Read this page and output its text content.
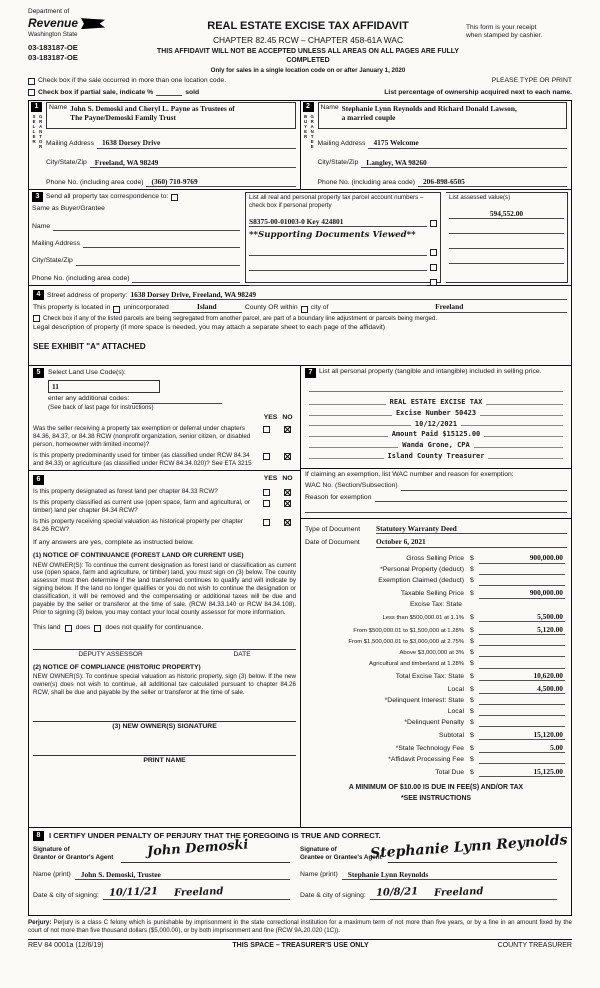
Department of
Revenue
Washington State
03-183187-OE
03-183187-OE
REAL ESTATE EXCISE TAX AFFIDAVIT
CHAPTER 82.45 RCW – CHAPTER 458-61A WAC
THIS AFFIDAVIT WILL NOT BE ACCEPTED UNLESS ALL AREAS ON ALL PAGES ARE FULLY COMPLETED
Only for sales in a single location code on or after January 1, 2020
This form is your receipt
when stamped by cashier.
Check box if the sale occurred in more than one location code.	PLEASE TYPE OR PRINT
Check box if partial sale, indicate %	sold	List percentage of ownership acquired next to each name.
1
SELLER GRANTOR
Name John S. Demoski and Cheryl L. Payne as Trustees of
The Payne/Demoski Family Trust
Mailing Address	1638 Dorsey Drive
City/State/Zip	Freeland, WA 98249
Phone No. (including area code)	(360) 710-9769
2
BUYER GRANTEE
Name Stephanie Lynn Reynolds and Richard Donald Lawson,
a married couple
Mailing Address	4175 Welcome
City/State/Zip	Langley, WA 98260
Phone No. (including area code)	206-898-6505
3 Send all property tax correspondence to:
Same as Buyer/Grantee
Name
Mailing Address
City/State/Zip
Phone No. (including area code)
List all real and personal property tax parcel account numbers – check box if personal property
S8375-00-01003-0 Key 424801
**Supporting Documents Viewed**
List assessed value(s)
594,552.00
4 Street address of property: 1638 Dorsey Drive, Freeland, WA 98249
This property is located in unincorporated	Island	County OR within city of	Freeland
Check box if any of the listed parcels are being segregated from another parcel, are part of a boundary line adjustment or parcels being merged.
Legal description of property (if more space is needed, you may attach a separate sheet to each page of the affidavit)
SEE EXHIBIT "A" ATTACHED
5	Select Land Use Code(s):
11
enter any additional codes:
(See back of last page for instructions)
YES NO
Was the seller receiving a property tax exemption or deferral under chapters 84.36, 84.37, or 84.38 RCW (nonprofit organization, senior citizen, or disabled person, homeowner with limited income)?
Is this property predominantly used for timber (as classified under RCW 84.34 and 84.33) or agriculture (as classified under RCW 84.34.020)? See ETA 3215
6	YES NO
Is this property designated as forest land per chapter 84.33 RCW?
Is this property classified as current use (open space, farm and agricultural, or timber) land per chapter 84.34 RCW?
Is this property receiving special valuation as historical property per chapter 84.26 RCW?
If any answers are yes, complete as instructed below.
(1) NOTICE OF CONTINUANCE (FOREST LAND OR CURRENT USE)
NEW OWNER(S): To continue the current designation as forest land or classification as current use (open space, farm and agriculture, or timber) land, you must sign on (3) below. The county assessor must then determine if the land transferred continues to qualify and will indicate by signing below. If the land no longer qualifies or you do not wish to continue the designation or classification, it will be removed and the compensating or additional taxes will be due and payable by the seller or transferor at the time of sale. (RCW 84.33.140 or RCW 84.34.108). Prior to signing (3) below, you may contact your local county assessor for more information.
This land does does not qualify for continuance.
DEPUTY ASSESSOR	DATE
(2) NOTICE OF COMPLIANCE (HISTORIC PROPERTY)
NEW OWNER(S): To continue special valuation as historic property, sign (3) below. If the new owner(s) does not wish to continue, all additional tax calculated pursuant to chapter 84.26 RCW, shall be due and payable by the seller or transferor at the time of sale.
(3) NEW OWNER(S) SIGNATURE
PRINT NAME
7 List all personal property (tangible and intangible) included in selling price.
REAL ESTATE EXCISE TAX
Excise Number 50423
10/12/2021
Amount Paid $15125.00
Wanda Grone, CPA
Island County Treasurer
If claiming an exemption, list WAC number and reason for exemption:
WAC No. (Section/Subsection)
Reason for exemption
Type of Document	Statutory Warranty Deed
Date of Document	October 6, 2021
Gross Selling Price $	900,000.00
*Personal Property (deduct) $
Exemption Claimed (deduct) $
Taxable Selling Price $	900,000.00
Excise Tax: State
Less than $500,000.01 at 1.1% $	5,500.00
From $500,000.01 to $1,500,000 at 1.28% $	5,120.00
From $1,500,000.01 to $3,000,000 at 2.75% $
Above $3,000,000 at 3% $
Agricultural and timberland at 1.28% $
Total Excise Tax: State $	10,620.00
Local $	4,500.00
*Delinquent Interest: State $
Local $
*Delinquent Penalty $
Subtotal $	15,120.00
*State Technology Fee $	5.00
*Affidavit Processing Fee $
Total Due $	15,125.00
A MINIMUM OF $10.00 IS DUE IN FEE(S) AND/OR TAX
*SEE INSTRUCTIONS
8	I CERTIFY UNDER PENALTY OF PERJURY THAT THE FOREGOING IS TRUE AND CORRECT.
Signature of
Grantor or Grantor's Agent	John Demoski
Name (print) John S. Demoski, Trustee
Date & city of signing: 10/11/21 Freeland
Signature of
Grantee or Grantee's Agent
Stephanie Lynn Reynolds
Name (print) Stephanie Lynn Reynolds
Date & city of signing: 10/8/21 Freeland
Perjury: Perjury is a class C felony which is punishable by imprisonment in the state correctional institution for a maximum term of not more than five years, or by a fine in an amount fixed by the court of not more than five thousand dollars ($5,000.00), or by both imprisonment and fine (RCW 9A.20.020 (1C)).
REV 84 0001a (12/6/19)	THIS SPACE – TREASURER'S USE ONLY	COUNTY TREASURER
